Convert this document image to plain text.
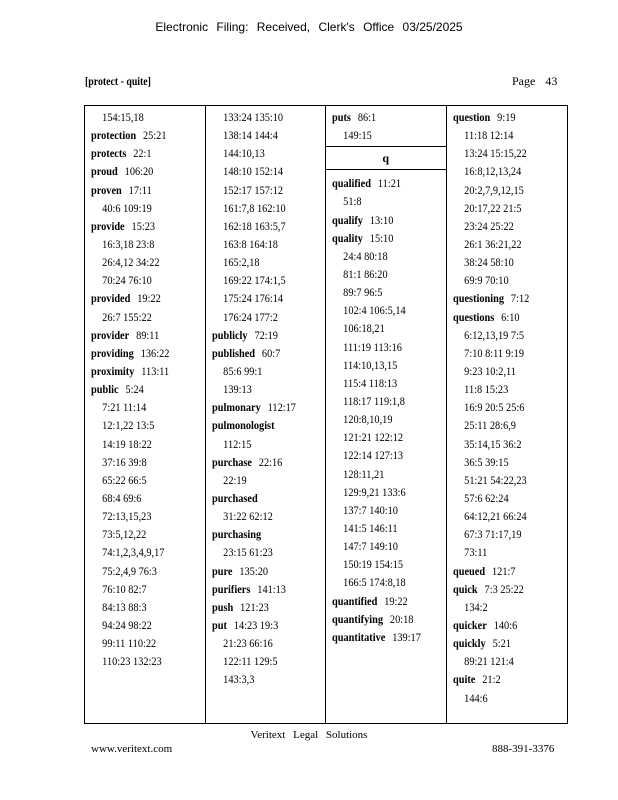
Electronic Filing: Received, Clerk's Office 03/25/2025
[protect - quite]	Page 43
154:15,18
protection 25:21
protects 22:1
proud 106:20
proven 17:11
40:6 109:19
provide 15:23
16:3,18 23:8
26:4,12 34:22
70:24 76:10
provided 19:22
26:7 155:22
provider 89:11
providing 136:22
proximity 113:11
public 5:24
7:21 11:14
12:1,22 13:5
14:19 18:22
37:16 39:8
65:22 66:5
68:4 69:6
72:13,15,23
73:5,12,22
74:1,2,3,4,9,17
75:2,4,9 76:3
76:10 82:7
84:13 88:3
94:24 98:22
99:11 110:22
110:23 132:23
133:24 135:10
138:14 144:4
144:10,13
148:10 152:14
152:17 157:12
161:7,8 162:10
162:18 163:5,7
163:8 164:18
165:2,18
169:22 174:1,5
175:24 176:14
176:24 177:2
publicly 72:19
published 60:7
85:6 99:1
139:13
pulmonary 112:17
pulmonologist
112:15
purchase 22:16
22:19
purchased
31:22 62:12
purchasing
23:15 61:23
pure 135:20
purifiers 141:13
push 121:23
put 14:23 19:3
21:23 66:16
122:11 129:5
143:3,3
puts 86:1
149:15
q
qualified 11:21
51:8
qualify 13:10
quality 15:10
24:4 80:18
81:1 86:20
89:7 96:5
102:4 106:5,14
106:18,21
111:19 113:16
114:10,13,15
115:4 118:13
118:17 119:1,8
120:8,10,19
121:21 122:12
122:14 127:13
128:11,21
129:9,21 133:6
137:7 140:10
141:5 146:11
147:7 149:10
150:19 154:15
166:5 174:8,18
quantified 19:22
quantifying 20:18
quantitative 139:17
question 9:19
11:18 12:14
13:24 15:15,22
16:8,12,13,24
20:2,7,9,12,15
20:17,22 21:5
23:24 25:22
26:1 36:21,22
38:24 58:10
69:9 70:10
questioning 7:12
questions 6:10
6:12,13,19 7:5
7:10 8:11 9:19
9:23 10:2,11
11:8 15:23
16:9 20:5 25:6
25:11 28:6,9
35:14,15 36:2
36:5 39:15
51:21 54:22,23
57:6 62:24
64:12,21 66:24
67:3 71:17,19
73:11
queued 121:7
quick 7:3 25:22
134:2
quicker 140:6
quickly 5:21
89:21 121:4
quite 21:2
144:6
Veritext Legal Solutions
www.veritext.com	888-391-3376
